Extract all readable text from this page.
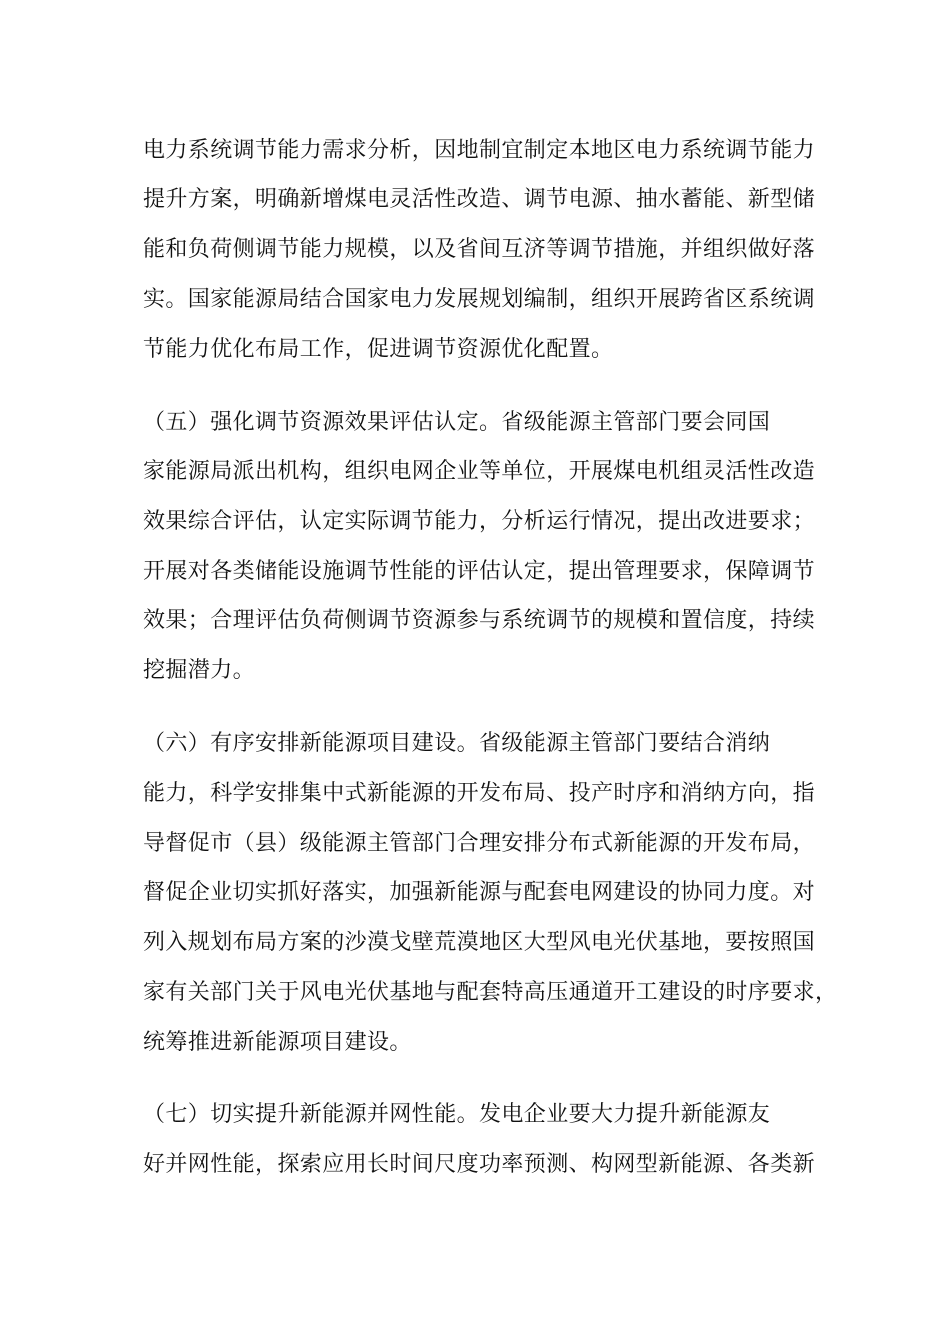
电力系统调节能力需求分析，因地制宜制定本地区电力系统调节能力
提升方案，明确新增煤电灵活性改造、调节电源、抽水蓄能、新型储
能和负荷侧调节能力规模，以及省间互济等调节措施，并组织做好落
实。国家能源局结合国家电力发展规划编制，组织开展跨省区系统调
节能力优化布局工作，促进调节资源优化配置。
（五）强化调节资源效果评估认定。省级能源主管部门要会同国
家能源局派出机构，组织电网企业等单位，开展煤电机组灵活性改造
效果综合评估，认定实际调节能力，分析运行情况，提出改进要求；
开展对各类储能设施调节性能的评估认定，提出管理要求，保障调节
效果；合理评估负荷侧调节资源参与系统调节的规模和置信度，持续
挖掘潜力。
（六）有序安排新能源项目建设。省级能源主管部门要结合消纳
能力，科学安排集中式新能源的开发布局、投产时序和消纳方向，指
导督促市（县）级能源主管部门合理安排分布式新能源的开发布局，
督促企业切实抓好落实，加强新能源与配套电网建设的协同力度。对
列入规划布局方案的沙漠戈壁荒漠地区大型风电光伏基地，要按照国
家有关部门关于风电光伏基地与配套特高压通道开工建设的时序要求，
统筹推进新能源项目建设。
（七）切实提升新能源并网性能。发电企业要大力提升新能源友
好并网性能，探索应用长时间尺度功率预测、构网型新能源、各类新
